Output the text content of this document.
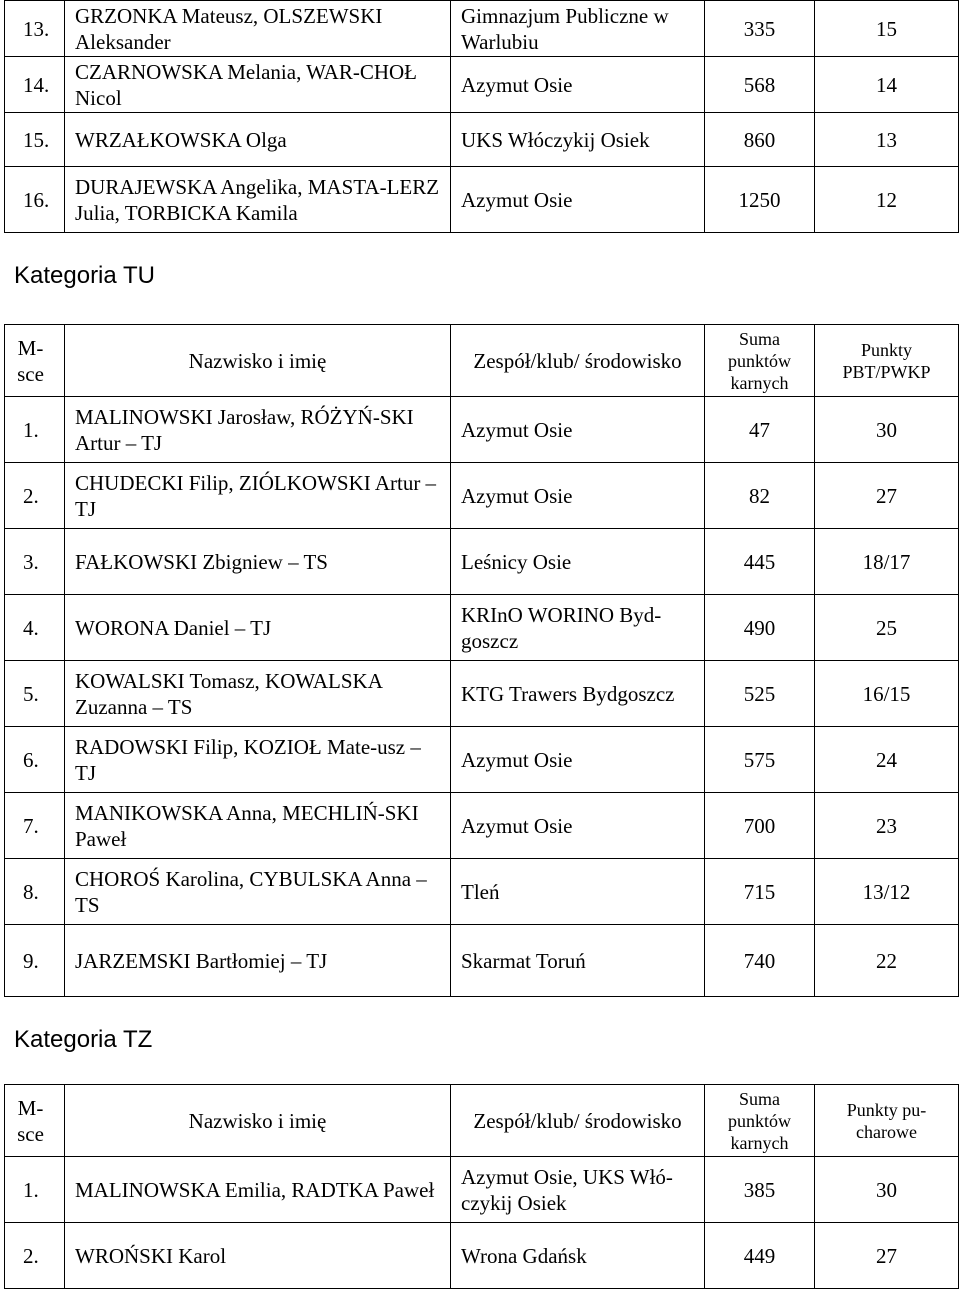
13.	GRZONKA Mateusz, OLSZEWSKI Aleksander	Gimnazjum Publiczne w Warlubiu	335	15
14.	CZARNOWSKA Melania, WAR-CHOŁ Nicol	Azymut Osie	568	14
15.	WRZAŁKOWSKA Olga	UKS Włóczykij Osiek	860	13
16.	DURAJEWSKA Angelika, MASTA-LERZ Julia, TORBICKA Kamila	Azymut Osie	1250	12
Kategoria TU
M-sce	Nazwisko i imię	Zespół/klub/ środowisko	Suma punktów karnych	Punkty PBT/PWKP
1.	MALINOWSKI Jarosław, RÓŻYŃ-SKI Artur – TJ	Azymut Osie	47	30
2.	CHUDECKI Filip, ZIÓLKOWSKI Artur – TJ	Azymut Osie	82	27
3.	FAŁKOWSKI Zbigniew – TS	Leśnicy Osie	445	18/17
4.	WORONA Daniel – TJ	KRInO WORINO Byd-goszcz	490	25
5.	KOWALSKI Tomasz, KOWALSKA Zuzanna – TS	KTG Trawers Bydgoszcz	525	16/15
6.	RADOWSKI Filip, KOZIOŁ Mate-usz – TJ	Azymut Osie	575	24
7.	MANIKOWSKA Anna, MECHLIŃ-SKI Paweł	Azymut Osie	700	23
8.	CHOROŚ Karolina, CYBULSKA Anna – TS	Tleń	715	13/12
9.	JARZEMSKI Bartłomiej – TJ	Skarmat Toruń	740	22
Kategoria TZ
M-sce	Nazwisko i imię	Zespół/klub/ środowisko	Suma punktów karnych	Punkty pu-charowe
1.	MALINOWSKA Emilia, RADTKA Paweł	Azymut Osie, UKS Włó-czykij Osiek	385	30
2.	WROŃSKI Karol	Wrona Gdańsk	449	27
